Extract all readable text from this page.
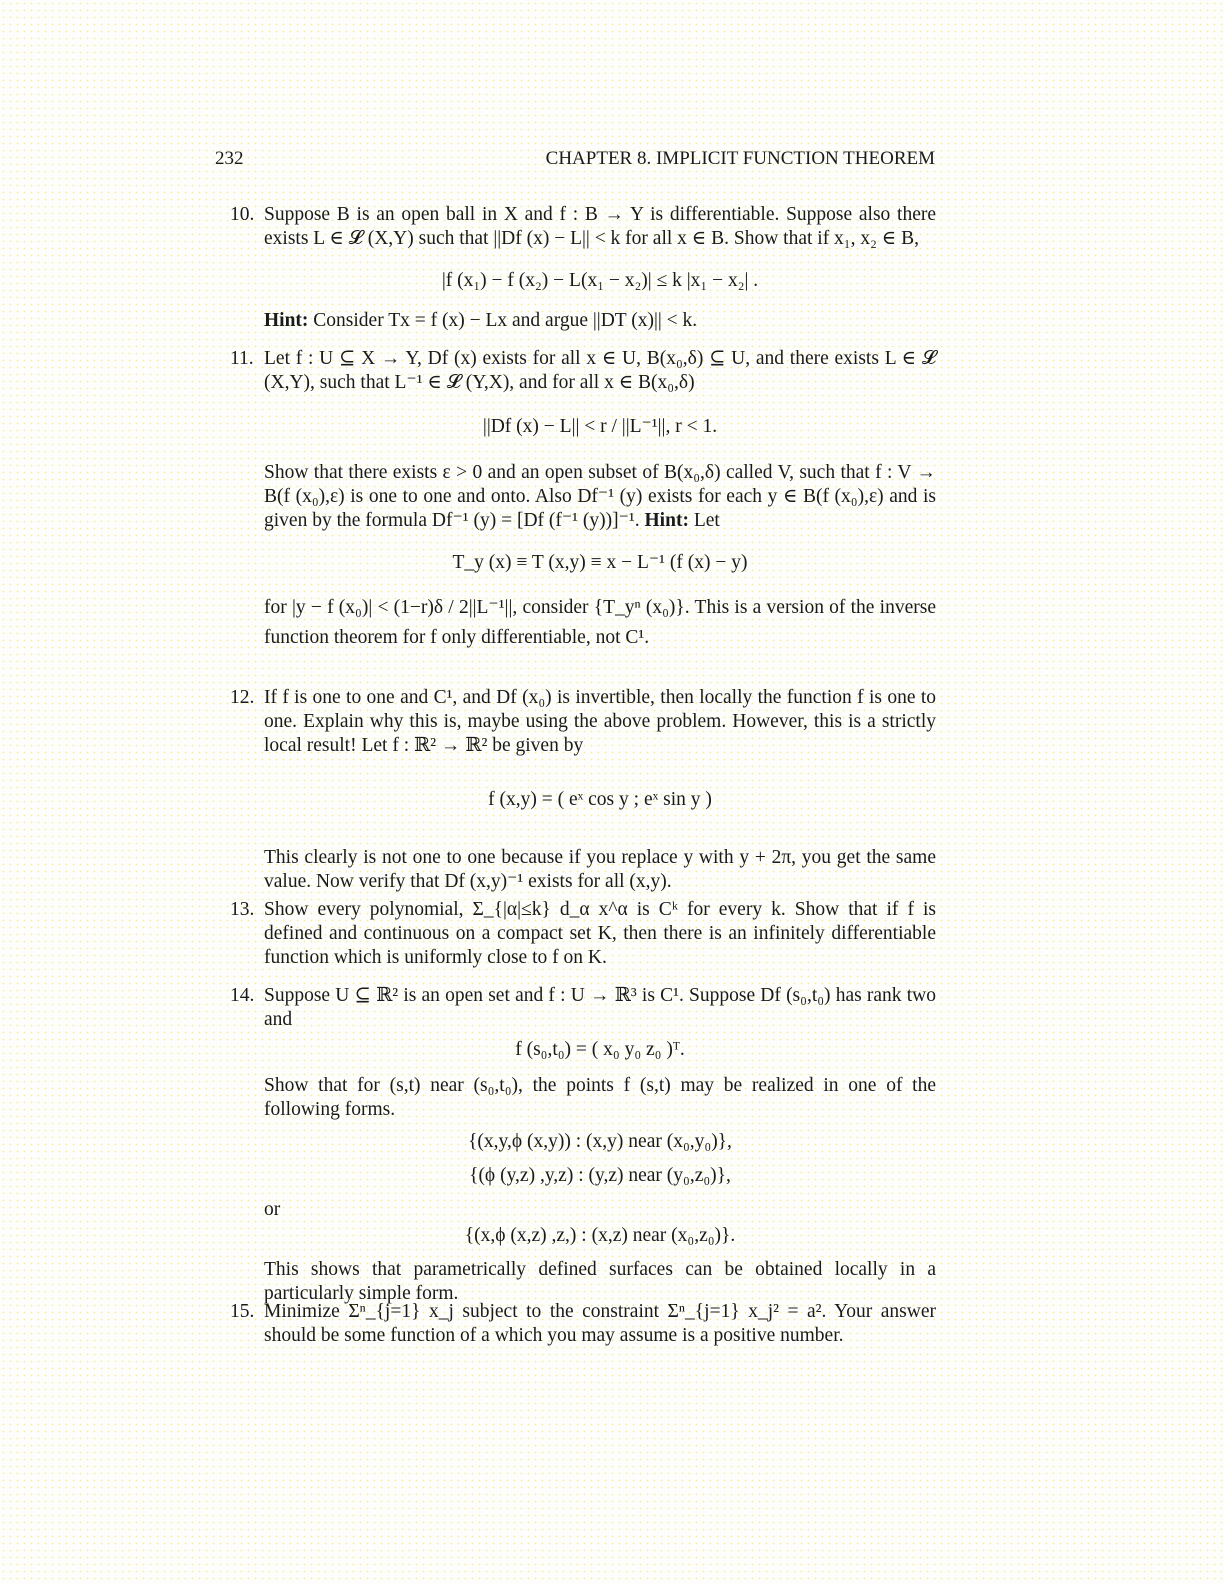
232	CHAPTER 8. IMPLICIT FUNCTION THEOREM
10. Suppose B is an open ball in X and f : B → Y is differentiable. Suppose also there exists L ∈ 𝓛 (X,Y) such that ||Df (x) − L|| < k for all x ∈ B. Show that if x₁, x₂ ∈ B,

|f (x₁) − f (x₂) − L(x₁ − x₂)| ≤ k |x₁ − x₂| .

Hint: Consider Tx = f (x) − Lx and argue ||DT (x)|| < k.

11. Let f : U ⊆ X → Y, Df (x) exists for all x ∈ U, B(x₀,δ) ⊆ U, and there exists L ∈ 𝓛 (X,Y), such that L⁻¹ ∈ 𝓛 (Y,X), and for all x ∈ B(x₀,δ)

||Df (x) − L|| < r / ||L⁻¹||, r < 1.

Show that there exists ε > 0 and an open subset of B(x₀,δ) called V, such that f : V → B(f (x₀),ε) is one to one and onto. Also Df⁻¹ (y) exists for each y ∈ B(f (x₀),ε) and is given by the formula Df⁻¹ (y) = [Df (f⁻¹ (y))]⁻¹. Hint: Let

T_y (x) ≡ T (x,y) ≡ x − L⁻¹ (f (x) − y)

for |y − f (x₀)| < (1−r)δ / 2||L⁻¹||, consider {T_yⁿ (x₀)}. This is a version of the inverse function theorem for f only differentiable, not C¹.

12. If f is one to one and C¹, and Df (x₀) is invertible, then locally the function f is one to one. Explain why this is, maybe using the above problem. However, this is a strictly local result! Let f : ℝ² → ℝ² be given by

f (x,y) = ( eˣ cos y ; eˣ sin y )

This clearly is not one to one because if you replace y with y + 2π, you get the same value. Now verify that Df (x,y)⁻¹ exists for all (x,y).

13. Show every polynomial, Σ_{|α|≤k} d_α x^α is Cᵏ for every k. Show that if f is defined and continuous on a compact set K, then there is an infinitely differentiable function which is uniformly close to f on K.

14. Suppose U ⊆ ℝ² is an open set and f : U → ℝ³ is C¹. Suppose Df (s₀,t₀) has rank two and

f (s₀,t₀) = ( x₀ y₀ z₀ )ᵀ.

Show that for (s,t) near (s₀,t₀), the points f (s,t) may be realized in one of the following forms.

{(x,y,ϕ (x,y)) : (x,y) near (x₀,y₀)},

{(ϕ (y,z) ,y,z) : (y,z) near (y₀,z₀)},

or

{(x,ϕ (x,z) ,z,) : (x,z) near (x₀,z₀)}.

This shows that parametrically defined surfaces can be obtained locally in a particularly simple form.

15. Minimize Σⁿ_{j=1} x_j subject to the constraint Σⁿ_{j=1} x_j² = a². Your answer should be some function of a which you may assume is a positive number.
